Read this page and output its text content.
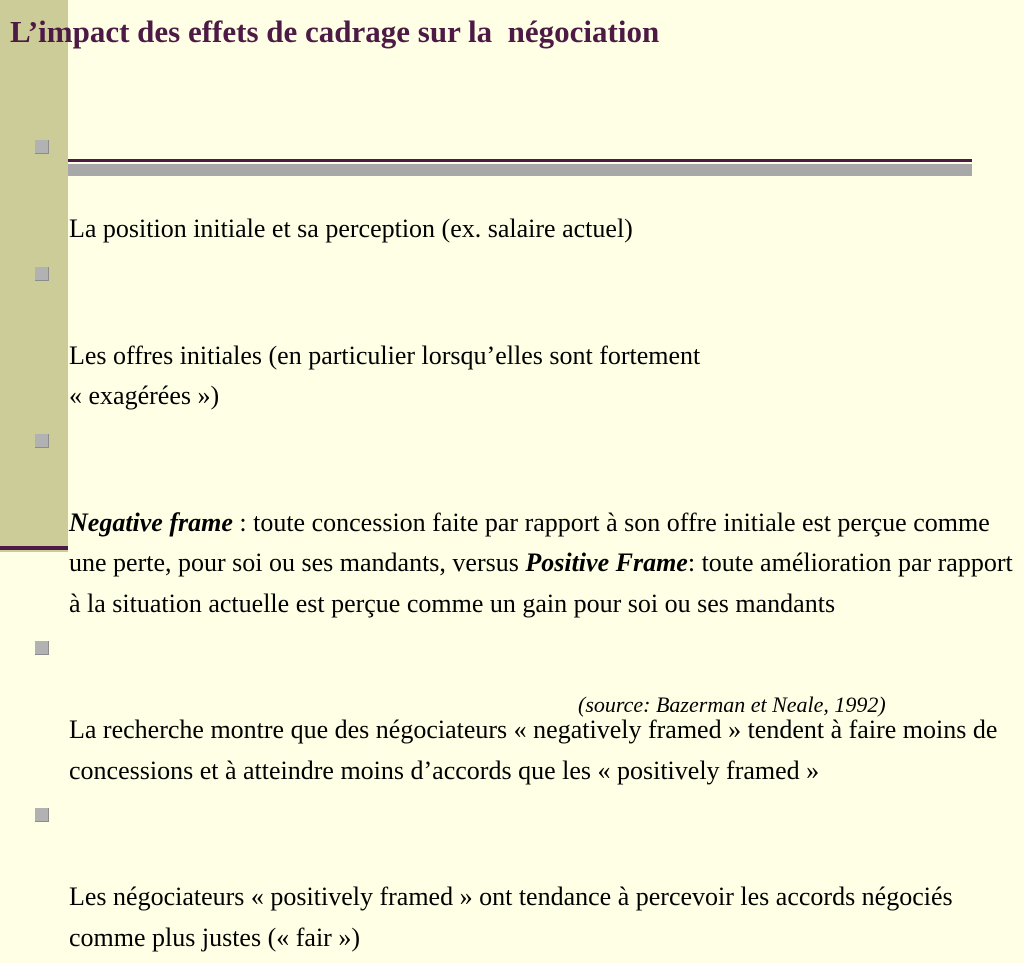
L’impact des effets de cadrage sur la  négociation

La position initiale et sa perception (ex. salaire actuel)

Les offres initiales (en particulier lorsqu’elles sont fortement
« exagérées »)

Negative frame : toute concession faite par rapport à son offre initiale est perçue comme une perte, pour soi ou ses mandants, versus Positive Frame: toute amélioration par rapport à la situation actuelle est perçue comme un gain pour soi ou ses mandants

La recherche montre que des négociateurs « negatively framed » tendent à faire moins de concessions et à atteindre moins d’accords que les « positively framed »

Les négociateurs « positively framed » ont tendance à percevoir les accords négociés comme plus justes (« fair »)

(source: Bazerman et Neale, 1992)
